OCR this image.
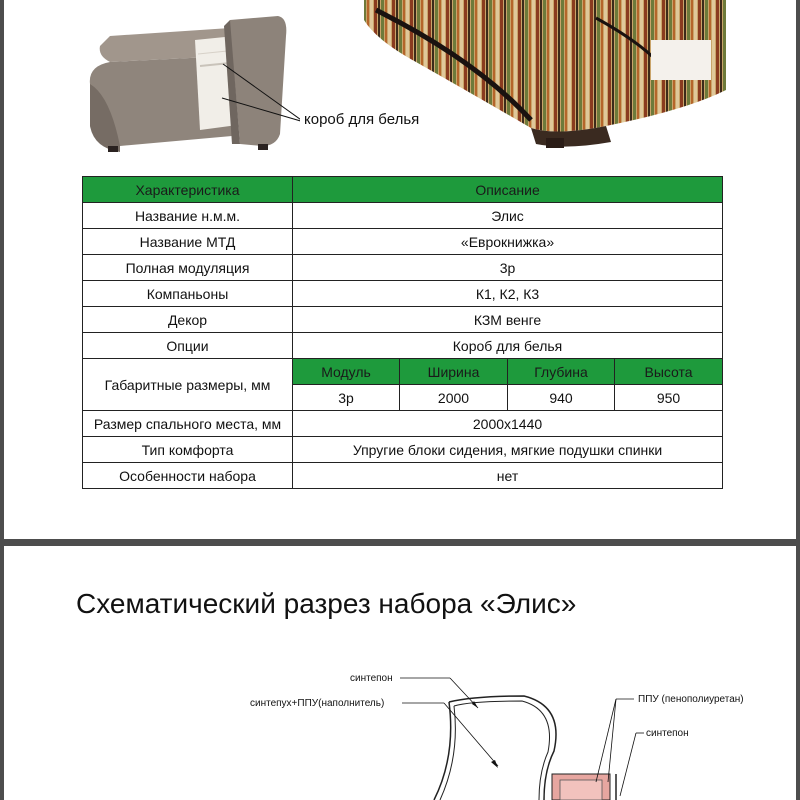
короб для белья
Характеристика	Описание			
Название н.м.м.	Элис			
Название МТД	«Еврокнижка»			
Полная модуляция	3р			
Компаньоны	К1, К2, К3			
Декор	КЗМ венге			
Опции	Короб для белья			
Габаритные размеры, мм	Модуль	Ширина	Глубина	Высота
	3р	2000	940	950
Размер спального места, мм	2000х1440			
Тип комфорта	Упругие блоки сидения, мягкие подушки спинки			
Особенности набора	нет			
Схематический разрез набора «Элис»
синтепон
синтепух+ППУ(наполнитель)	ППУ (пенополиуретан)
синтепон
